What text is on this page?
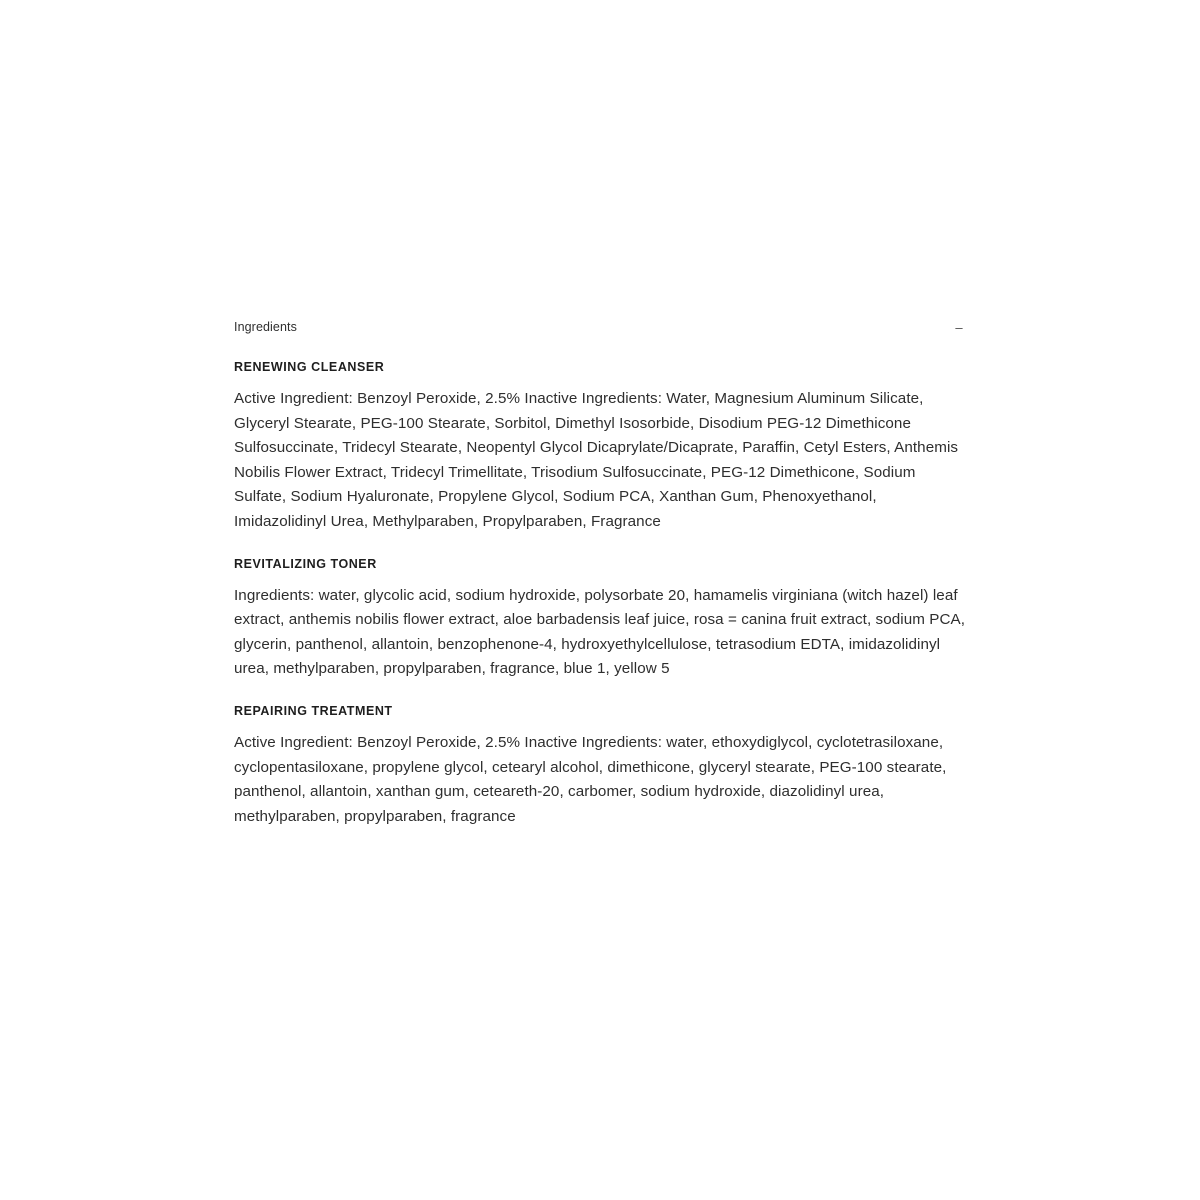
Ingredients	–
RENEWING CLEANSER

Active Ingredient: Benzoyl Peroxide, 2.5% Inactive Ingredients: Water, Magnesium Aluminum Silicate, Glyceryl Stearate, PEG-100 Stearate, Sorbitol, Dimethyl Isosorbide, Disodium PEG-12 Dimethicone Sulfosuccinate, Tridecyl Stearate, Neopentyl Glycol Dicaprylate/Dicaprate, Paraffin, Cetyl Esters, Anthemis Nobilis Flower Extract, Tridecyl Trimellitate, Trisodium Sulfosuccinate, PEG-12 Dimethicone, Sodium Sulfate, Sodium Hyaluronate, Propylene Glycol, Sodium PCA, Xanthan Gum, Phenoxyethanol, Imidazolidinyl Urea, Methylparaben, Propylparaben, Fragrance

REVITALIZING TONER

Ingredients: water, glycolic acid, sodium hydroxide, polysorbate 20, hamamelis virginiana (witch hazel) leaf extract, anthemis nobilis flower extract, aloe barbadensis leaf juice, rosa = canina fruit extract, sodium PCA, glycerin, panthenol, allantoin, benzophenone-4, hydroxyethylcellulose, tetrasodium EDTA, imidazolidinyl urea, methylparaben, propylparaben, fragrance, blue 1, yellow 5

REPAIRING TREATMENT

Active Ingredient: Benzoyl Peroxide, 2.5% Inactive Ingredients: water, ethoxydiglycol, cyclotetrasiloxane, cyclopentasiloxane, propylene glycol, cetearyl alcohol, dimethicone, glyceryl stearate, PEG-100 stearate, panthenol, allantoin, xanthan gum, ceteareth-20, carbomer, sodium hydroxide, diazolidinyl urea, methylparaben, propylparaben, fragrance
